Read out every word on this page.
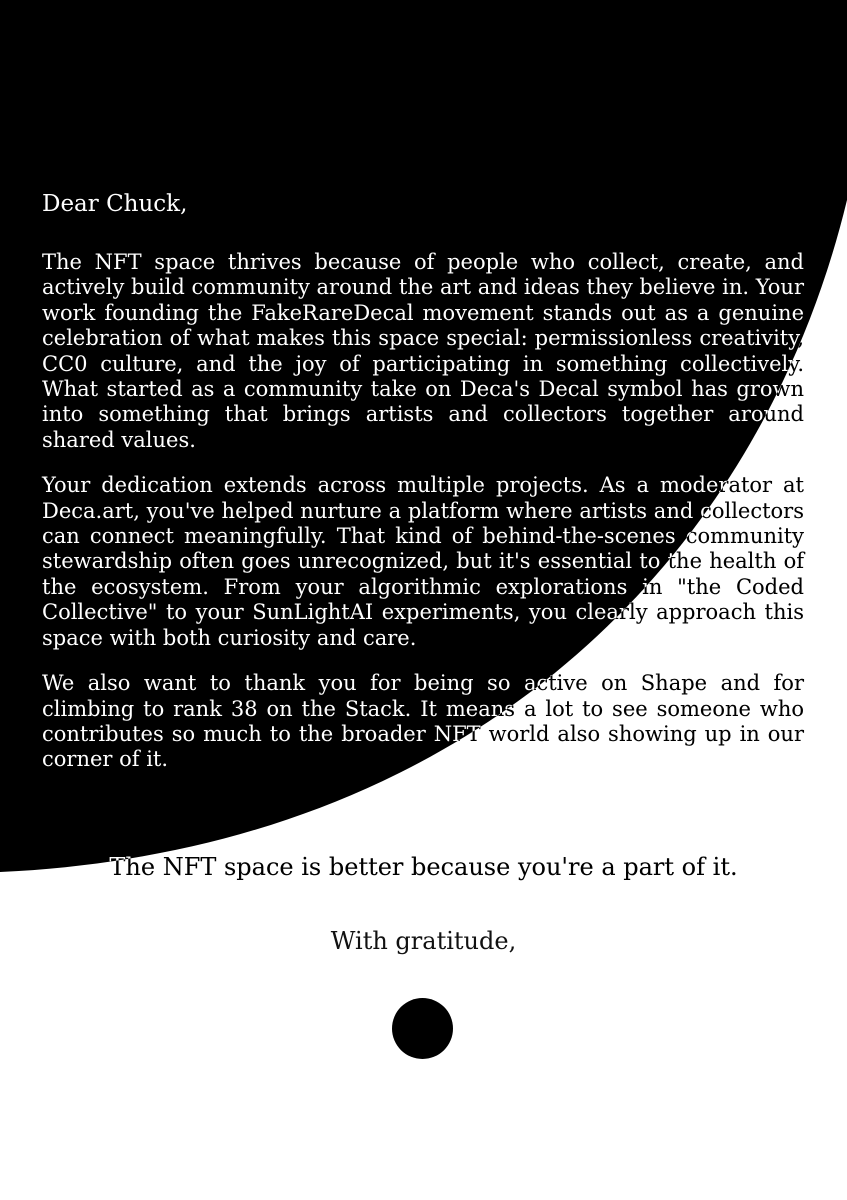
Dear Chuck,

The NFT space thrives because of people who collect, create, and actively build community around the art and ideas they believe in. Your work founding the FakeRareDecal movement stands out as a genuine celebration of what makes this space special: permissionless creativity, CC0 culture, and the joy of participating in something collectively. What started as a community take on Deca's Decal symbol has grown into something that brings artists and collectors together around shared values.

Your dedication extends across multiple projects. As a moderator at Deca.art, you've helped nurture a platform where artists and collectors can connect meaningfully. That kind of behind-the-scenes community stewardship often goes unrecognized, but it's essential to the health of the ecosystem. From your algorithmic explorations in "the Coded Collective" to your SunLightAI experiments, you clearly approach this space with both curiosity and care.

We also want to thank you for being so active on Shape and for climbing to rank 38 on the Stack. It means a lot to see someone who contributes so much to the broader NFT world also showing up in our corner of it.

The NFT space is better because you're a part of it.

With gratitude,
